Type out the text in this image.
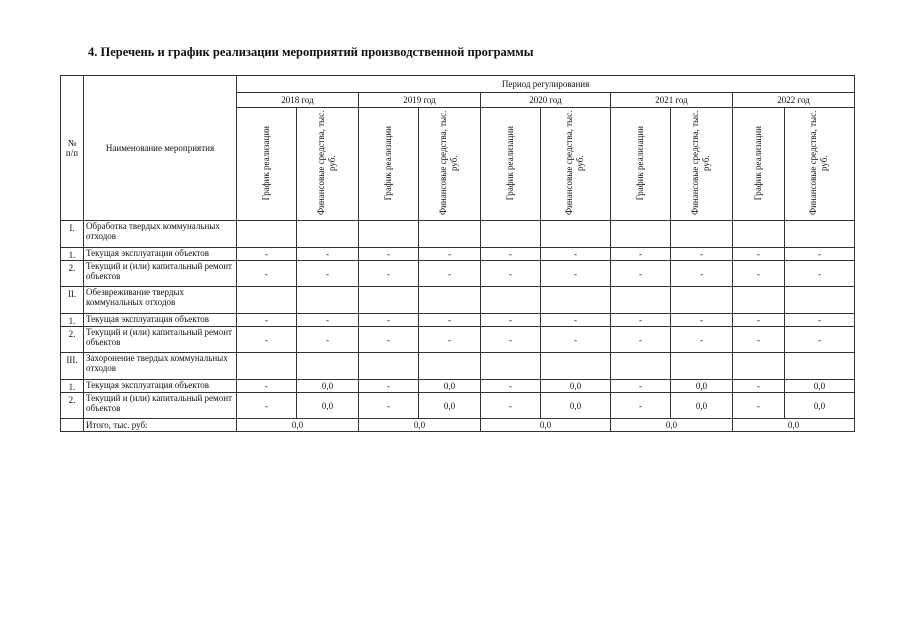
4. Перечень и график реализации мероприятий производственной программы
№
п/п	Наименование мероприятия	Период регулирования									
		2018 год		2019 год		2020 год		2021 год		2022 год	
		График реализации	Финансовые средства, тыс. руб.	График реализации	Финансовые средства, тыс. руб.	График реализации	Финансовые средства, тыс. руб.	График реализации	Финансовые средства, тыс. руб.	График реализации	Финансовые средства, тыс. руб.
I.	Обработка твердых коммунальных отходов										
1.	Текущая эксплуатация объектов	-	-	-	-	-	-	-	-	-	-
2.	Текущий и (или) капитальный ремонт объектов	-	-	-	-	-	-	-	-	-	-
II.	Обезвреживание твердых коммунальных отходов										
1.	Текущая эксплуатация объектов	-	-	-	-	-	-	-	-	-	-
2.	Текущий и (или) капитальный ремонт объектов	-	-	-	-	-	-	-	-	-	-
III.	Захоронение твердых коммунальных отходов										
1.	Текущая эксплуатация объектов	-	0,0	-	0,0	-	0,0	-	0,0	-	0,0
2.	Текущий и (или) капитальный ремонт объектов	-	0,0	-	0,0	-	0,0	-	0,0	-	0,0
	Итого, тыс. руб:	0,0		0,0		0,0		0,0		0,0	
